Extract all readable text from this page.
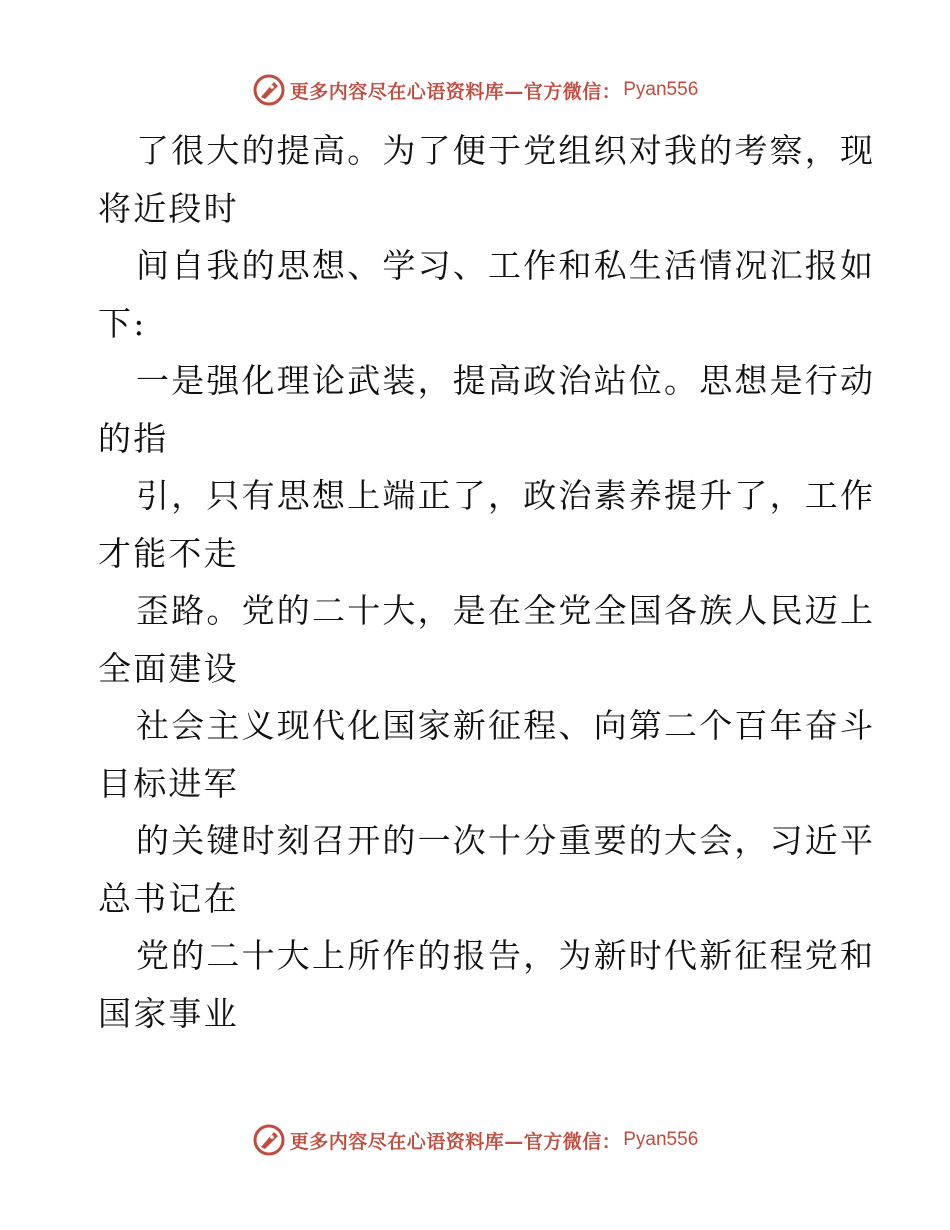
更多内容尽在心语资料库—官方微信： Pyan556
了很大的提高。为了便于党组织对我的考察，现
将近段时
间自我的思想、学习、工作和私生活情况汇报如
下:
一是强化理论武装，提高政治站位。思想是行动
的指
引，只有思想上端正了，政治素养提升了，工作
才能不走
歪路。党的二十大，是在全党全国各族人民迈上
全面建设
社会主义现代化国家新征程、向第二个百年奋斗
目标进军
的关键时刻召开的一次十分重要的大会，习近平
总书记在
党的二十大上所作的报告，为新时代新征程党和
国家事业
更多内容尽在心语资料库—官方微信： Pyan556
